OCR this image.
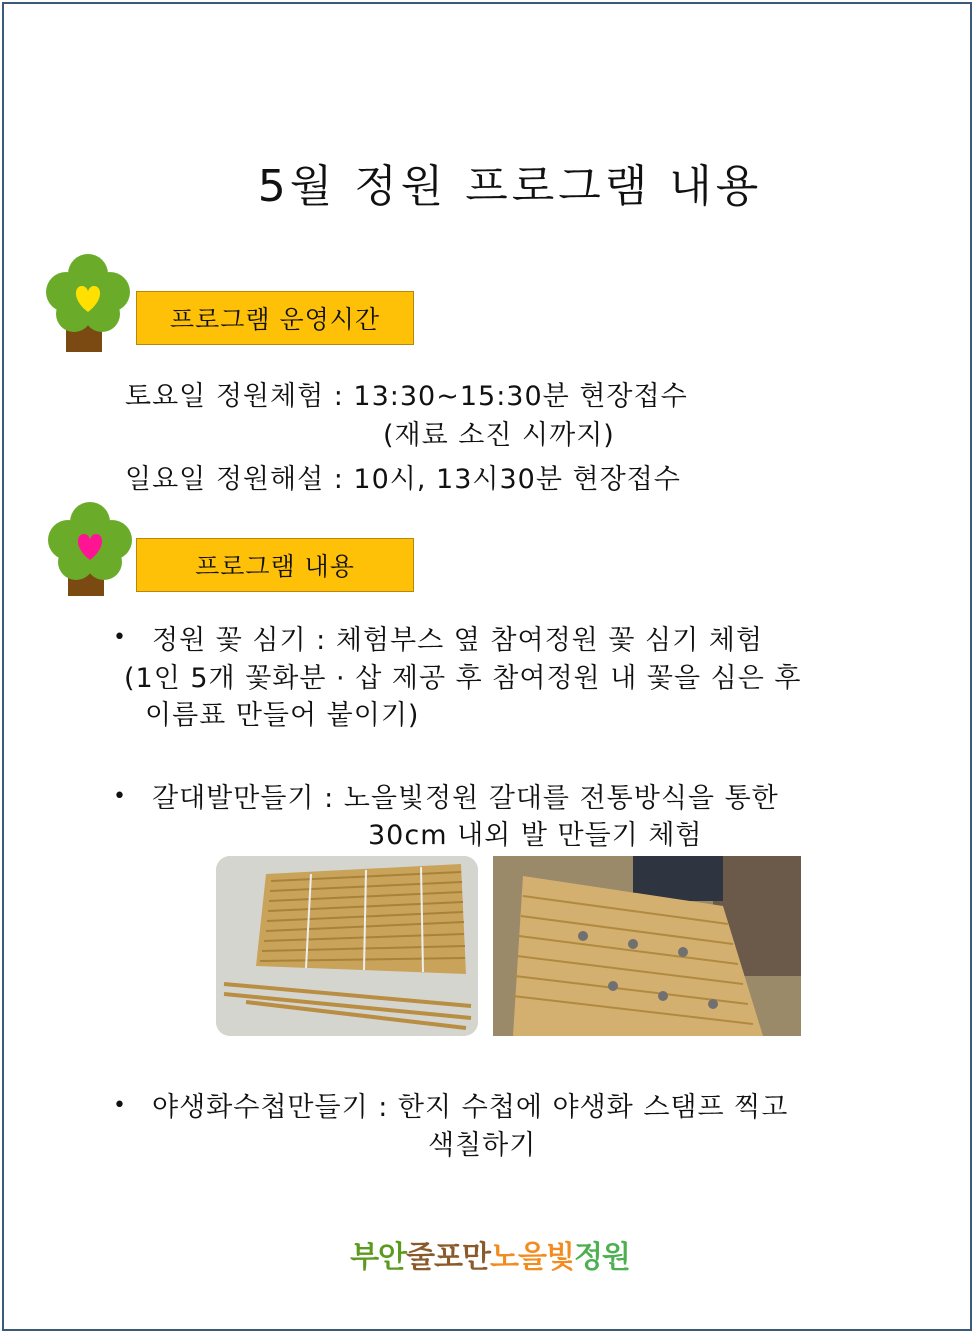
5월 정원 프로그램 내용
프로그램 운영시간
토요일 정원체험 : 13:30~15:30분 현장접수
(재료 소진 시까지)
일요일 정원해설 : 10시, 13시30분 현장접수
프로그램 내용
• 정원 꽃 심기 : 체험부스 옆 참여정원 꽃 심기 체험
(1인 5개 꽃화분 · 삽 제공 후 참여정원 내 꽃을 심은 후
이름표 만들어 붙이기)
• 갈대발만들기 : 노을빛정원 갈대를 전통방식을 통한
30cm 내외 발 만들기 체험
• 야생화수첩만들기 : 한지 수첩에 야생화 스탬프 찍고
색칠하기
부안줄포만노을빛정원
